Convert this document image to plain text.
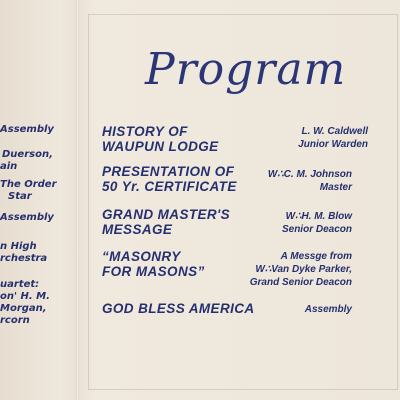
Assembly
Duerson,
ain
The Order
Star
Assembly
n High
rchestra
uartet:
on' H. M.
Morgan,
rcorn
Program
HISTORY OF
WAUPUN LODGE
L. W. Caldwell
Junior Warden
PRESENTATION OF
50 Yr. CERTIFICATE
W∴C. M. Johnson
Master
GRAND MASTER'S
MESSAGE
W∴H. M. Blow
Senior Deacon
“MASONRY
FOR MASONS”
A Messge from
W∴Van Dyke Parker,
Grand Senior Deacon
GOD BLESS AMERICA	Assembly
